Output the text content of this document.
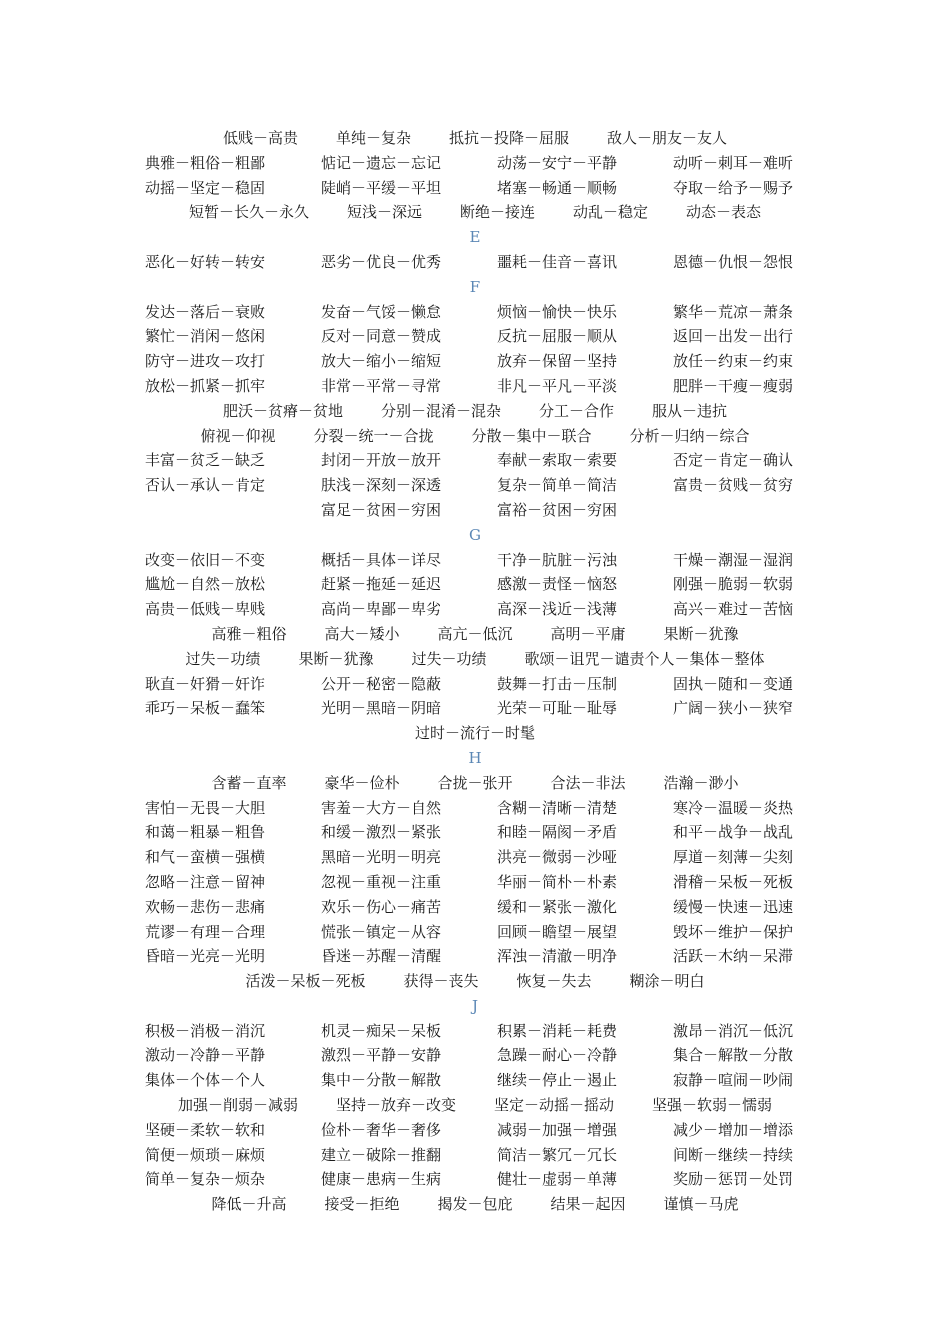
低贱－高贵	单纯－复杂	抵抗－投降－屈服	敌人－朋友－友人
典雅－粗俗－粗鄙	惦记－遗忘－忘记	动荡－安宁－平静	动听－刺耳－难听
动摇－坚定－稳固	陡峭－平缓－平坦	堵塞－畅通－顺畅	夺取－给予－赐予
短暂－长久－永久	短浅－深远	断绝－接连	动乱－稳定	动态－表态
E
恶化－好转－转安	恶劣－优良－优秀	噩耗－佳音－喜讯	恩德－仇恨－怨恨
F
发达－落后－衰败	发奋－气馁－懒怠	烦恼－愉快－快乐	繁华－荒凉－萧条
繁忙－消闲－悠闲	反对－同意－赞成	反抗－屈服－顺从	返回－出发－出行
防守－进攻－攻打	放大－缩小－缩短	放弃－保留－坚持	放任－约束－约束
放松－抓紧－抓牢	非常－平常－寻常	非凡－平凡－平淡	肥胖－干瘦－瘦弱
肥沃－贫瘠－贫地	分别－混淆－混杂	分工－合作	服从－违抗
俯视－仰视	分裂－统一－合拢	分散－集中－联合	分析－归纳－综合
丰富－贫乏－缺乏	封闭－开放－放开	奉献－索取－索要	否定－肯定－确认
否认－承认－肯定	肤浅－深刻－深透	复杂－简单－简洁	富贵－贫贱－贫穷
富足－贫困－穷困	富裕－贫困－穷困
G
改变－依旧－不变	概括－具体－详尽	干净－肮脏－污浊	干燥－潮湿－湿润
尴尬－自然－放松	赶紧－拖延－延迟	感激－责怪－恼怒	刚强－脆弱－软弱
高贵－低贱－卑贱	高尚－卑鄙－卑劣	高深－浅近－浅薄	高兴－难过－苦恼
高雅－粗俗	高大－矮小	高亢－低沉	高明－平庸	果断－犹豫
过失－功绩	果断－犹豫	过失－功绩	歌颂－诅咒－谴责个人－集体－整体
耿直－奸猾－奸诈	公开－秘密－隐蔽	鼓舞－打击－压制	固执－随和－变通
乖巧－呆板－蠢笨	光明－黑暗－阴暗	光荣－可耻－耻辱	广阔－狭小－狭窄
过时－流行－时髦
H
含蓄－直率	豪华－俭朴	合拢－张开	合法－非法	浩瀚－渺小
害怕－无畏－大胆	害羞－大方－自然	含糊－清晰－清楚	寒冷－温暖－炎热
和蔼－粗暴－粗鲁	和缓－激烈－紧张	和睦－隔阂－矛盾	和平－战争－战乱
和气－蛮横－强横	黑暗－光明－明亮	洪亮－微弱－沙哑	厚道－刻薄－尖刻
忽略－注意－留神	忽视－重视－注重	华丽－简朴－朴素	滑稽－呆板－死板
欢畅－悲伤－悲痛	欢乐－伤心－痛苦	缓和－紧张－激化	缓慢－快速－迅速
荒谬－有理－合理	慌张－镇定－从容	回顾－瞻望－展望	毁坏－维护－保护
昏暗－光亮－光明	昏迷－苏醒－清醒	浑浊－清澈－明净	活跃－木纳－呆滞
活泼－呆板－死板	获得－丧失	恢复－失去	糊涂－明白
J
积极－消极－消沉	机灵－痴呆－呆板	积累－消耗－耗费	激昂－消沉－低沉
激动－冷静－平静	激烈－平静－安静	急躁－耐心－冷静	集合－解散－分散
集体－个体－个人	集中－分散－解散	继续－停止－遏止	寂静－喧闹－吵闹
加强－削弱－减弱	坚持－放弃－改变	坚定－动摇－摇动	坚强－软弱－懦弱
坚硬－柔软－软和	俭朴－奢华－奢侈	减弱－加强－增强	减少－增加－增添
简便－烦琐－麻烦	建立－破除－推翻	简洁－繁冗－冗长	间断－继续－持续
简单－复杂－烦杂	健康－患病－生病	健壮－虚弱－单薄	奖励－惩罚－处罚
降低－升高	接受－拒绝	揭发－包庇	结果－起因	谨慎－马虎
